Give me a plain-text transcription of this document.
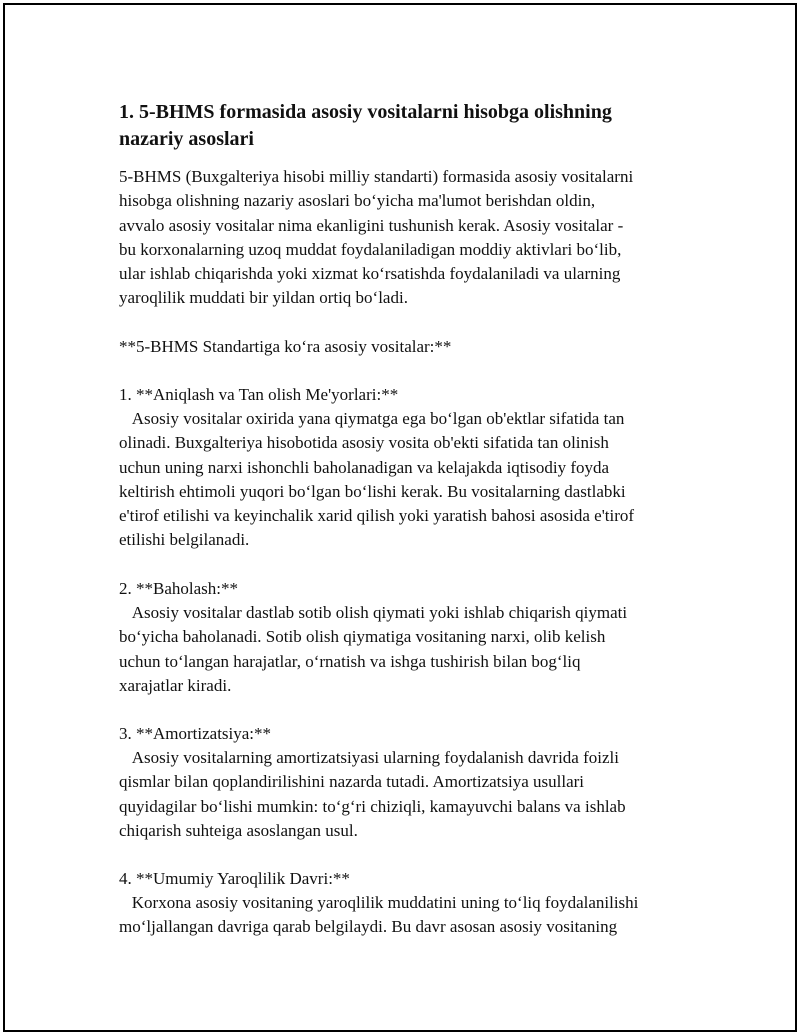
1. 5-BHMS formasida asosiy vositalarni hisobga olishning nazariy asoslari

5-BHMS (Buxgalteriya hisobi milliy standarti) formasida asosiy vositalarni
hisobga olishning nazariy asoslari bo‘yicha ma'lumot berishdan oldin,
avvalo asosiy vositalar nima ekanligini tushunish kerak. Asosiy vositalar -
bu korxonalarning uzoq muddat foydalaniladigan moddiy aktivlari bo‘lib,
ular ishlab chiqarishda yoki xizmat ko‘rsatishda foydalaniladi va ularning
yaroqlilik muddati bir yildan ortiq bo‘ladi.

**5-BHMS Standartiga ko‘ra asosiy vositalar:**

1. **Aniqlash va Tan olish Me'yorlari:**

Asosiy vositalar oxirida yana qiymatga ega bo‘lgan ob'ektlar sifatida tan
olinadi. Buxgalteriya hisobotida asosiy vosita ob'ekti sifatida tan olinish
uchun uning narxi ishonchli baholanadigan va kelajakda iqtisodiy foyda
keltirish ehtimoli yuqori bo‘lgan bo‘lishi kerak. Bu vositalarning dastlabki
e'tirof etilishi va keyinchalik xarid qilish yoki yaratish bahosi asosida e'tirof
etilishi belgilanadi.

2. **Baholash:**

Asosiy vositalar dastlab sotib olish qiymati yoki ishlab chiqarish qiymati
bo‘yicha baholanadi. Sotib olish qiymatiga vositaning narxi, olib kelish
uchun to‘langan harajatlar, o‘rnatish va ishga tushirish bilan bog‘liq
xarajatlar kiradi.

3. **Amortizatsiya:**

Asosiy vositalarning amortizatsiyasi ularning foydalanish davrida foizli
qismlar bilan qoplandirilishini nazarda tutadi. Amortizatsiya usullari
quyidagilar bo‘lishi mumkin: to‘g‘ri chiziqli, kamayuvchi balans va ishlab
chiqarish suhteiga asoslangan usul.

4. **Umumiy Yaroqlilik Davri:**

Korxona asosiy vositaning yaroqlilik muddatini uning to‘liq foydalanilishi
mo‘ljallangan davriga qarab belgilaydi. Bu davr asosan asosiy vositaning
